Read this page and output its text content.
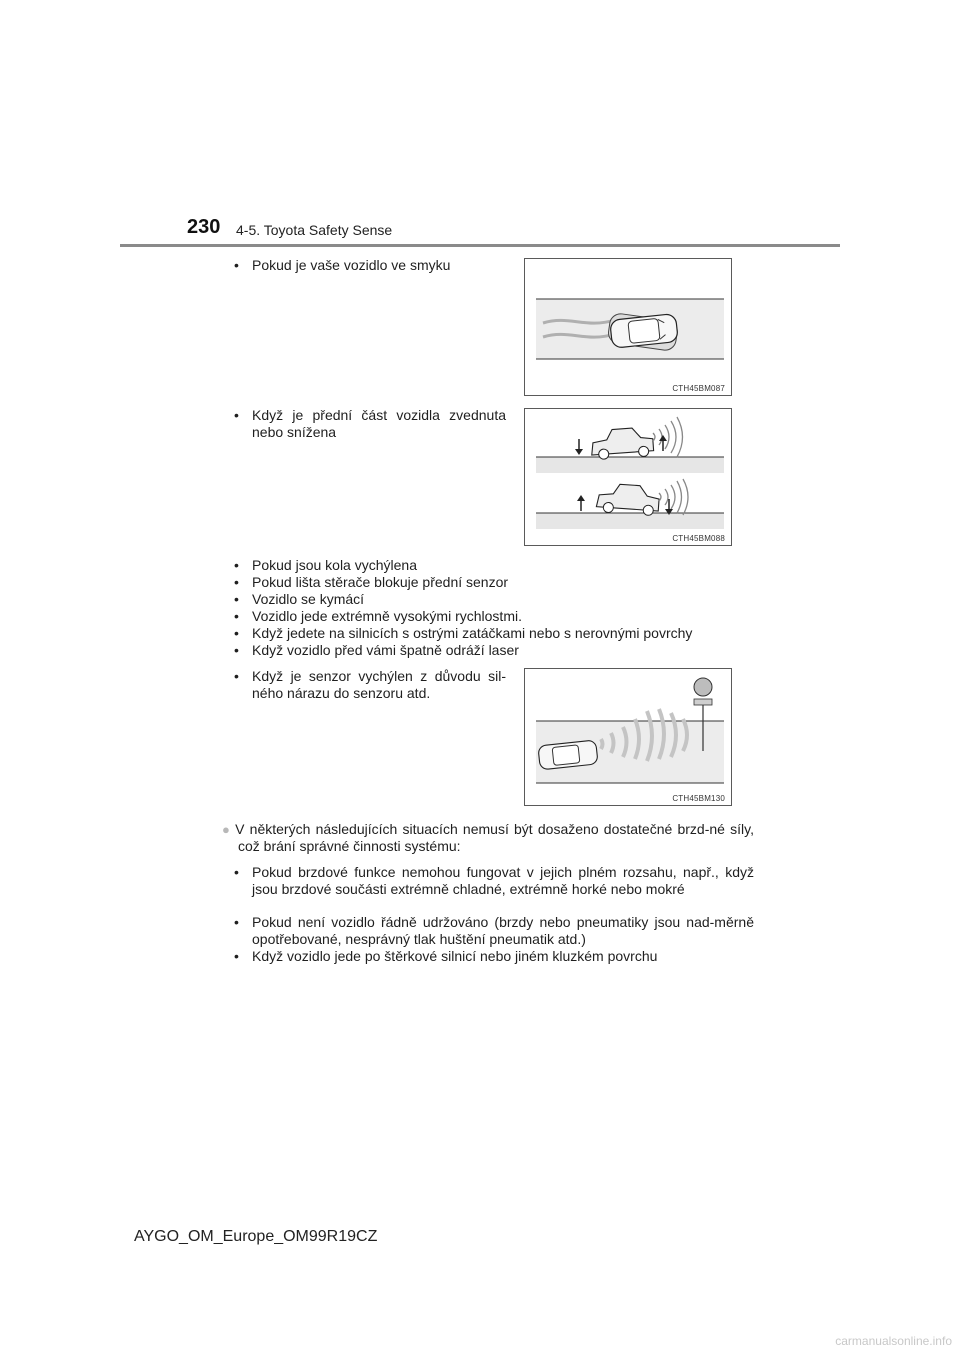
230 4-5. Toyota Safety Sense
• Pokud je vaše vozidlo ve smyku
CTH45BM087
• Když je přední část vozidla zvednuta nebo snížena
CTH45BM088
• Pokud jsou kola vychýlena
• Pokud lišta stěrače blokuje přední senzor
• Vozidlo se kymácí
• Vozidlo jede extrémně vysokými rychlostmi.
• Když jedete na silnicích s ostrými zatáčkami nebo s nerovnými povrchy
• Když vozidlo před vámi špatně odráží laser
• Když je senzor vychýlen z důvodu sil-ného nárazu do senzoru atd.
CTH45BM130
● V některých následujících situacích nemusí být dosaženo dostatečné brzd-né síly, což brání správné činnosti systému:
• Pokud brzdové funkce nemohou fungovat v jejich plném rozsahu, např., když jsou brzdové součásti extrémně chladné, extrémně horké nebo mokré
• Pokud není vozidlo řádně udržováno (brzdy nebo pneumatiky jsou nad-měrně opotřebované, nesprávný tlak huštění pneumatik atd.)
• Když vozidlo jede po štěrkové silnicí nebo jiném kluzkém povrchu
AYGO_OM_Europe_OM99R19CZ
carmanualsonline.info
